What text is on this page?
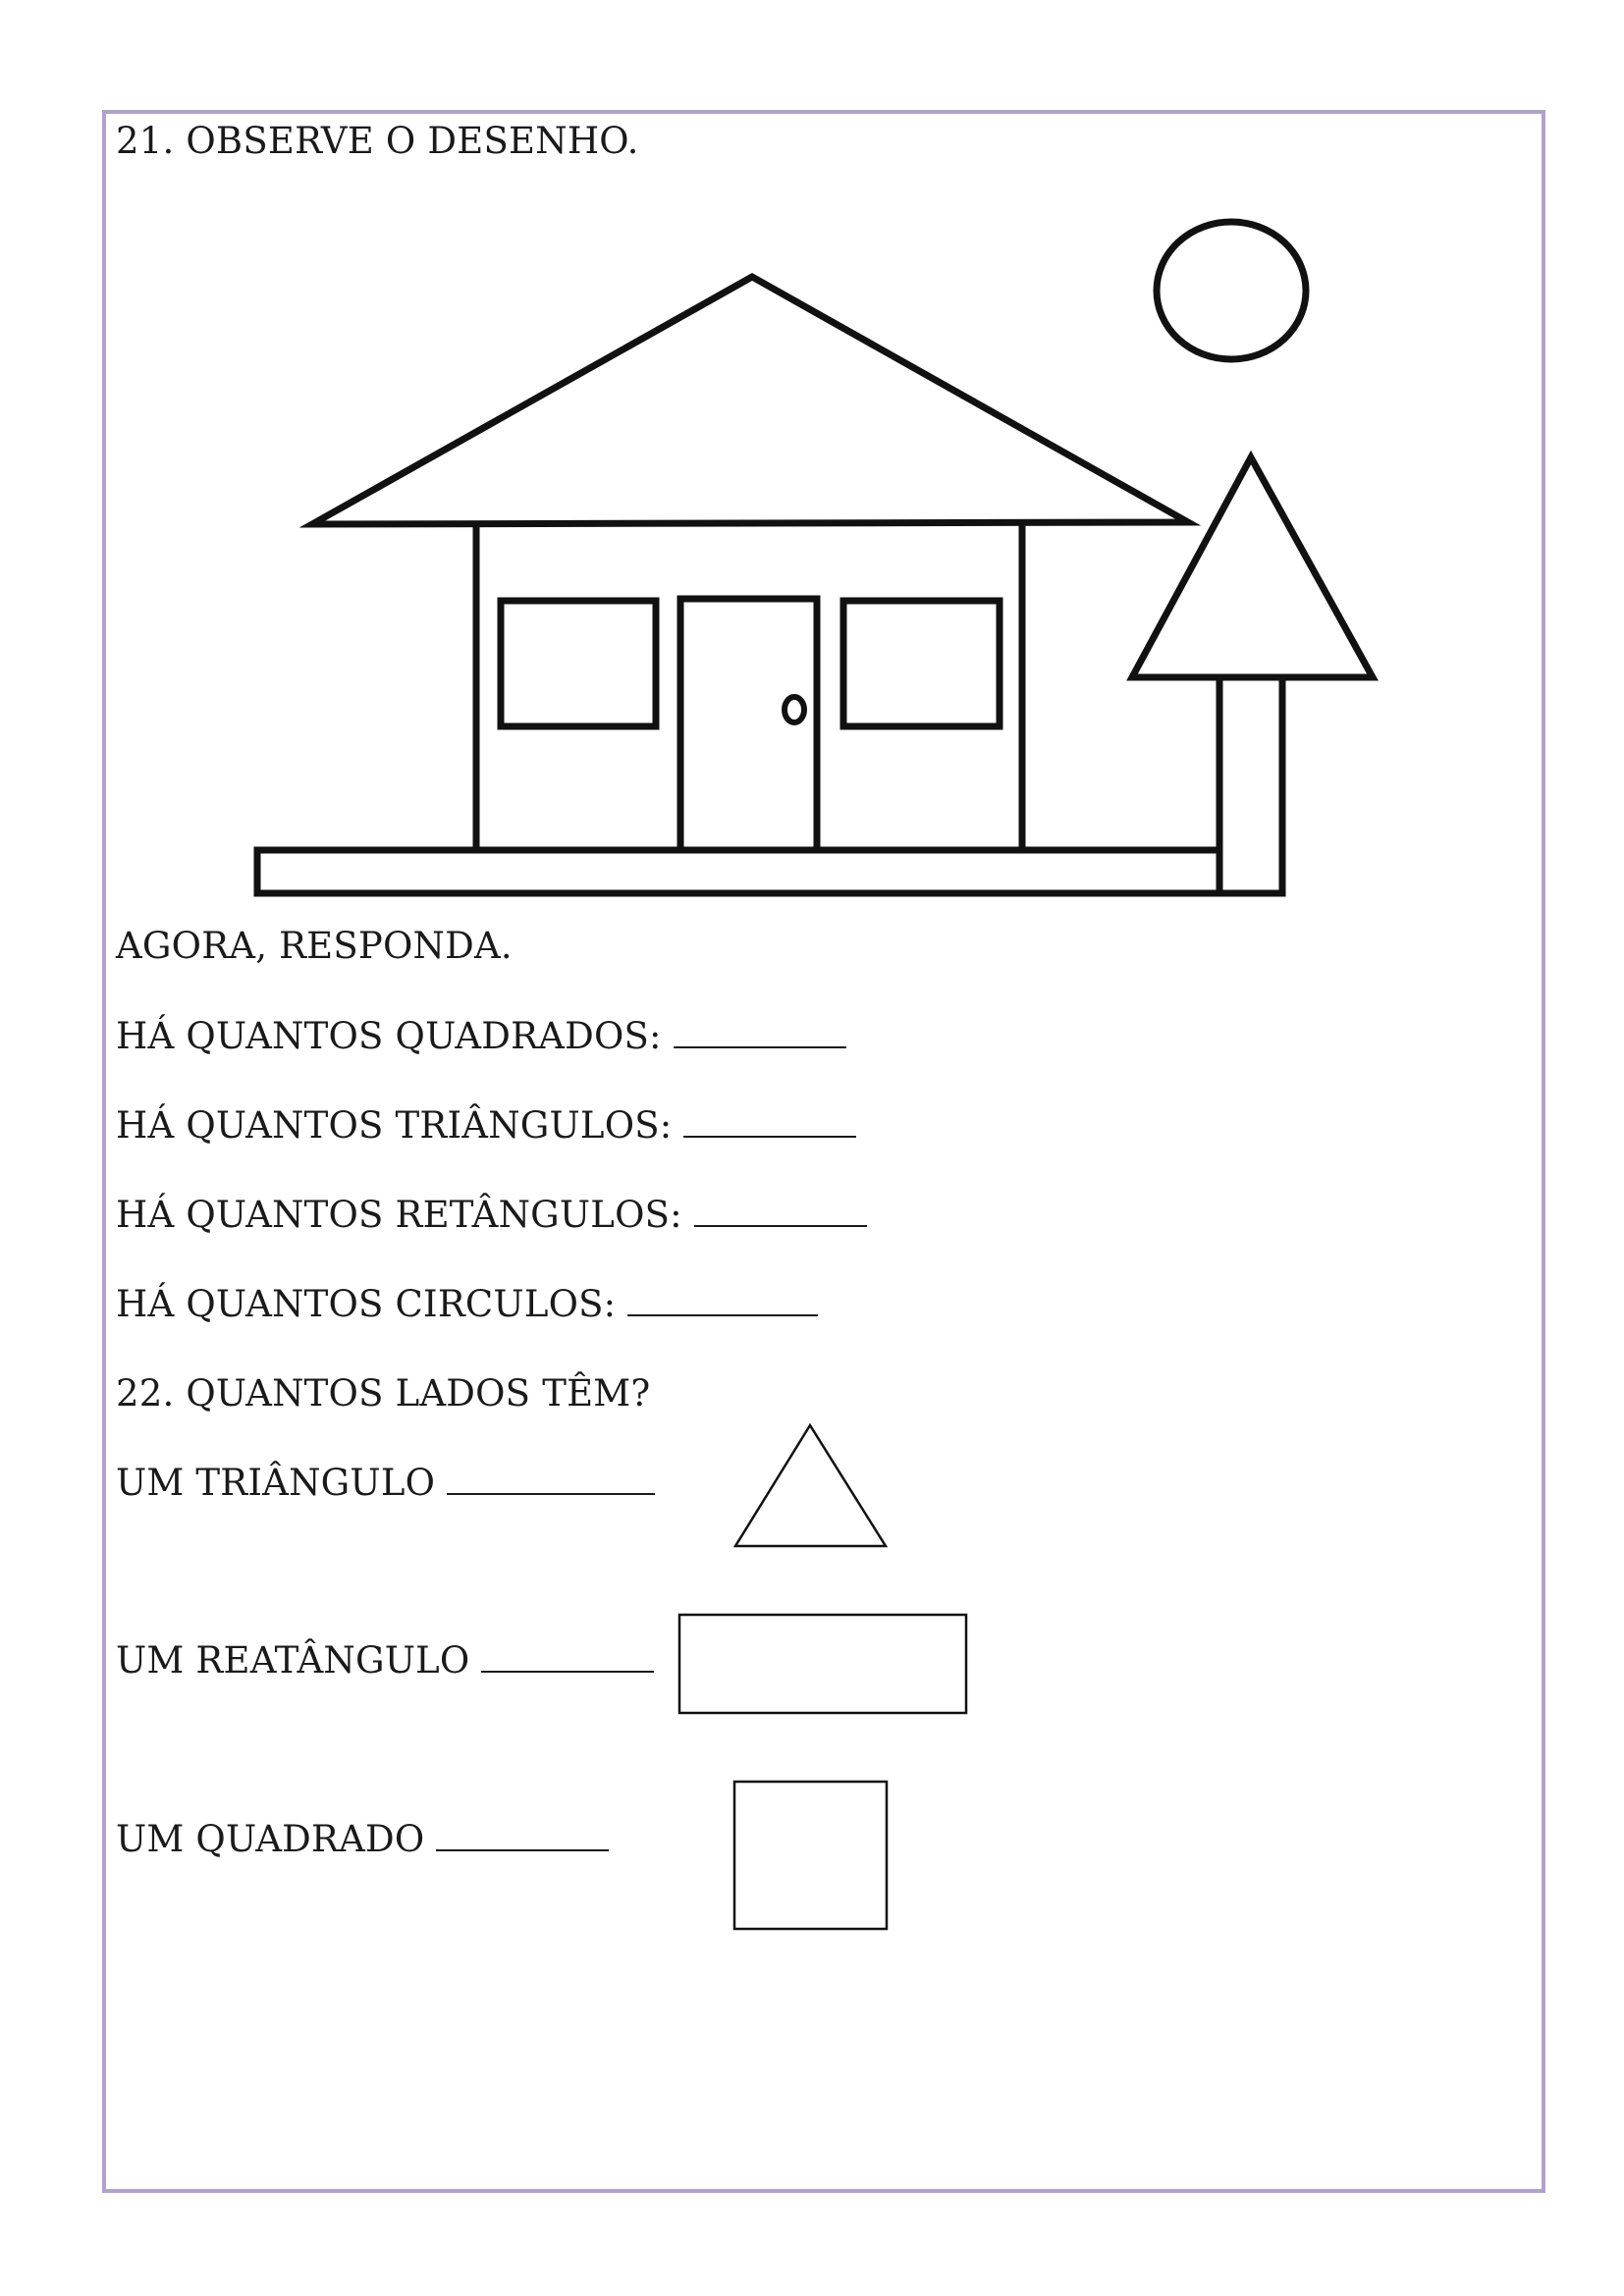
21. OBSERVE O DESENHO.
AGORA, RESPONDA.
HÁ QUANTOS QUADRADOS:
HÁ QUANTOS TRIÂNGULOS:
HÁ QUANTOS RETÂNGULOS:
HÁ QUANTOS CIRCULOS:
22. QUANTOS LADOS TÊM?
UM TRIÂNGULO
UM REATÂNGULO
UM QUADRADO
